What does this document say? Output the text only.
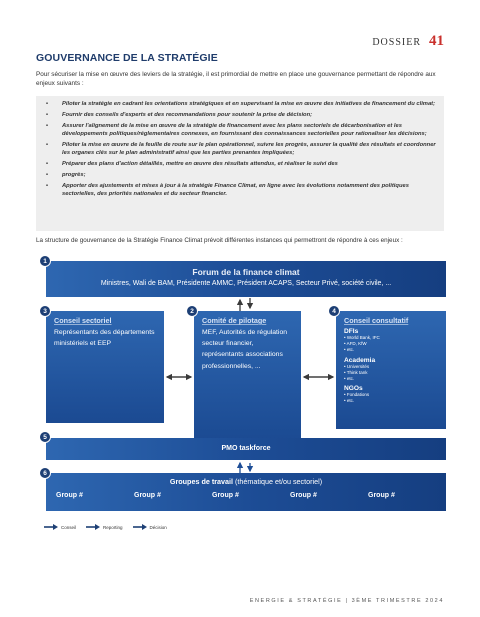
DOSSIER 41
GOUVERNANCE DE LA STRATÉGIE
Pour sécuriser la mise en œuvre des leviers de la stratégie, il est primordial de mettre en place une gouvernance permettant de répondre aux enjeux suivants :
• Piloter la stratégie en cadrant les orientations stratégiques et en supervisant la mise en œuvre des initiatives de financement du climat;
• Fournir des conseils d'experts et des recommandations pour soutenir la prise de décision;
• Assurer l'alignement de la mise en œuvre de la stratégie de financement avec les plans sectoriels de décarbonisation et les développements politiques/réglementaires connexes, en fournissant des connaissances sectorielles pour rationaliser les décisions;
• Piloter la mise en œuvre de la feuille de route sur le plan opérationnel, suivre les progrès, assurer la qualité des résultats et coordonner les organes clés sur le plan administratif ainsi que les parties prenantes impliquées;
• Préparer des plans d'action détaillés, mettre en œuvre des résultats attendus, et réaliser le suivi des
• progrès;
• Apporter des ajustements et mises à jour à la stratégie Finance Climat, en ligne avec les évolutions notamment des politiques sectorielles, des priorités nationales et du secteur financier.
La structure de gouvernance de la Stratégie Finance Climat prévoit différentes instances qui permettront de répondre à ces enjeux :
1
Forum de la finance climat
Ministres, Wali de BAM, Présidente AMMC, Président ACAPS, Secteur Privé, société civile, ...
3
Conseil sectoriel
Représentants des départements ministériels et EEP
2
Comité de pilotage
MEF, Autorités de régulation secteur financier, représentants associations professionnelles, ...
4
Conseil consultatif
DFIs
• World Bank, IFC
• AFD, KfW
• etc.
Academia
• Universités
• Think tank
• etc.
NGOs
• Fondations
• etc.
5
PMO taskforce
6
Groupes de travail (thématique et/ou sectoriel)
Group #	Group #	Group #	Group #	Group #
Conseil	Reporting	Décision
ENERGIE & STRATÉGIE | 3ÈME TRIMESTRE 2024
